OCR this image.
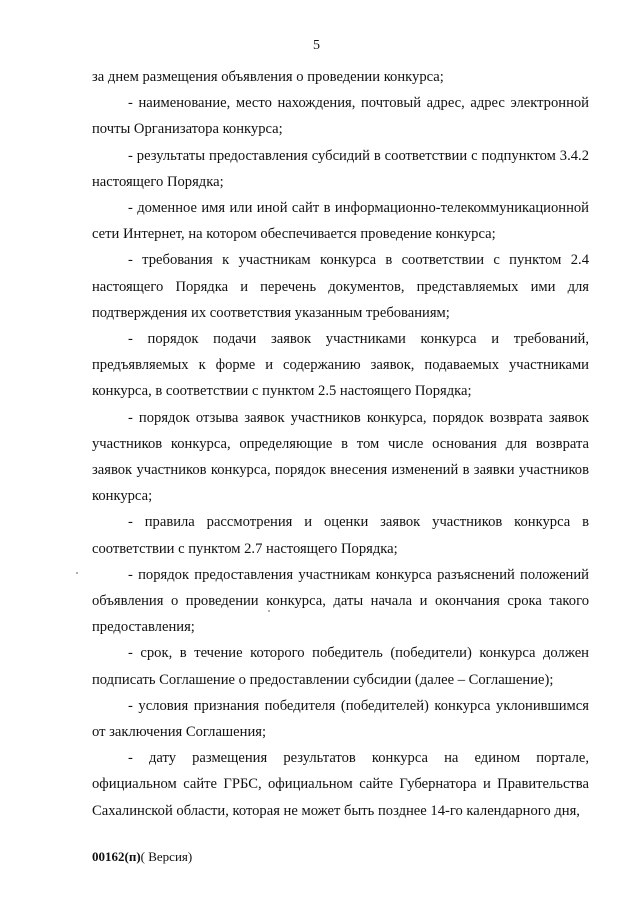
5

за днем размещения объявления о проведении конкурса;

- наименование, место нахождения, почтовый адрес, адрес электронной почты Организатора конкурса;

- результаты предоставления субсидий в соответствии с подпунктом 3.4.2 настоящего Порядка;

- доменное имя или иной сайт в информационно-телекоммуникационной сети Интернет, на котором обеспечивается проведение конкурса;

- требования к участникам конкурса в соответствии с пунктом 2.4 настоящего Порядка и перечень документов, представляемых ими для подтверждения их соответствия указанным требованиям;

- порядок подачи заявок участниками конкурса и требований, предъявляемых к форме и содержанию заявок, подаваемых участниками конкурса, в соответствии с пунктом 2.5 настоящего Порядка;

- порядок отзыва заявок участников конкурса, порядок возврата заявок участников конкурса, определяющие в том числе основания для возврата заявок участников конкурса, порядок внесения изменений в заявки участников конкурса;

- правила рассмотрения и оценки заявок участников конкурса в соответствии с пунктом 2.7 настоящего Порядка;

- порядок предоставления участникам конкурса разъяснений положений объявления о проведении конкурса, даты начала и окончания срока такого предоставления;

- срок, в течение которого победитель (победители) конкурса должен подписать Соглашение о предоставлении субсидии (далее – Соглашение);

- условия признания победителя (победителей) конкурса уклонившимся от заключения Соглашения;

- дату размещения результатов конкурса на едином портале, официальном сайте ГРБС, официальном сайте Губернатора и Правительства Сахалинской области, которая не может быть позднее 14-го календарного дня,

00162(п)( Версия)
